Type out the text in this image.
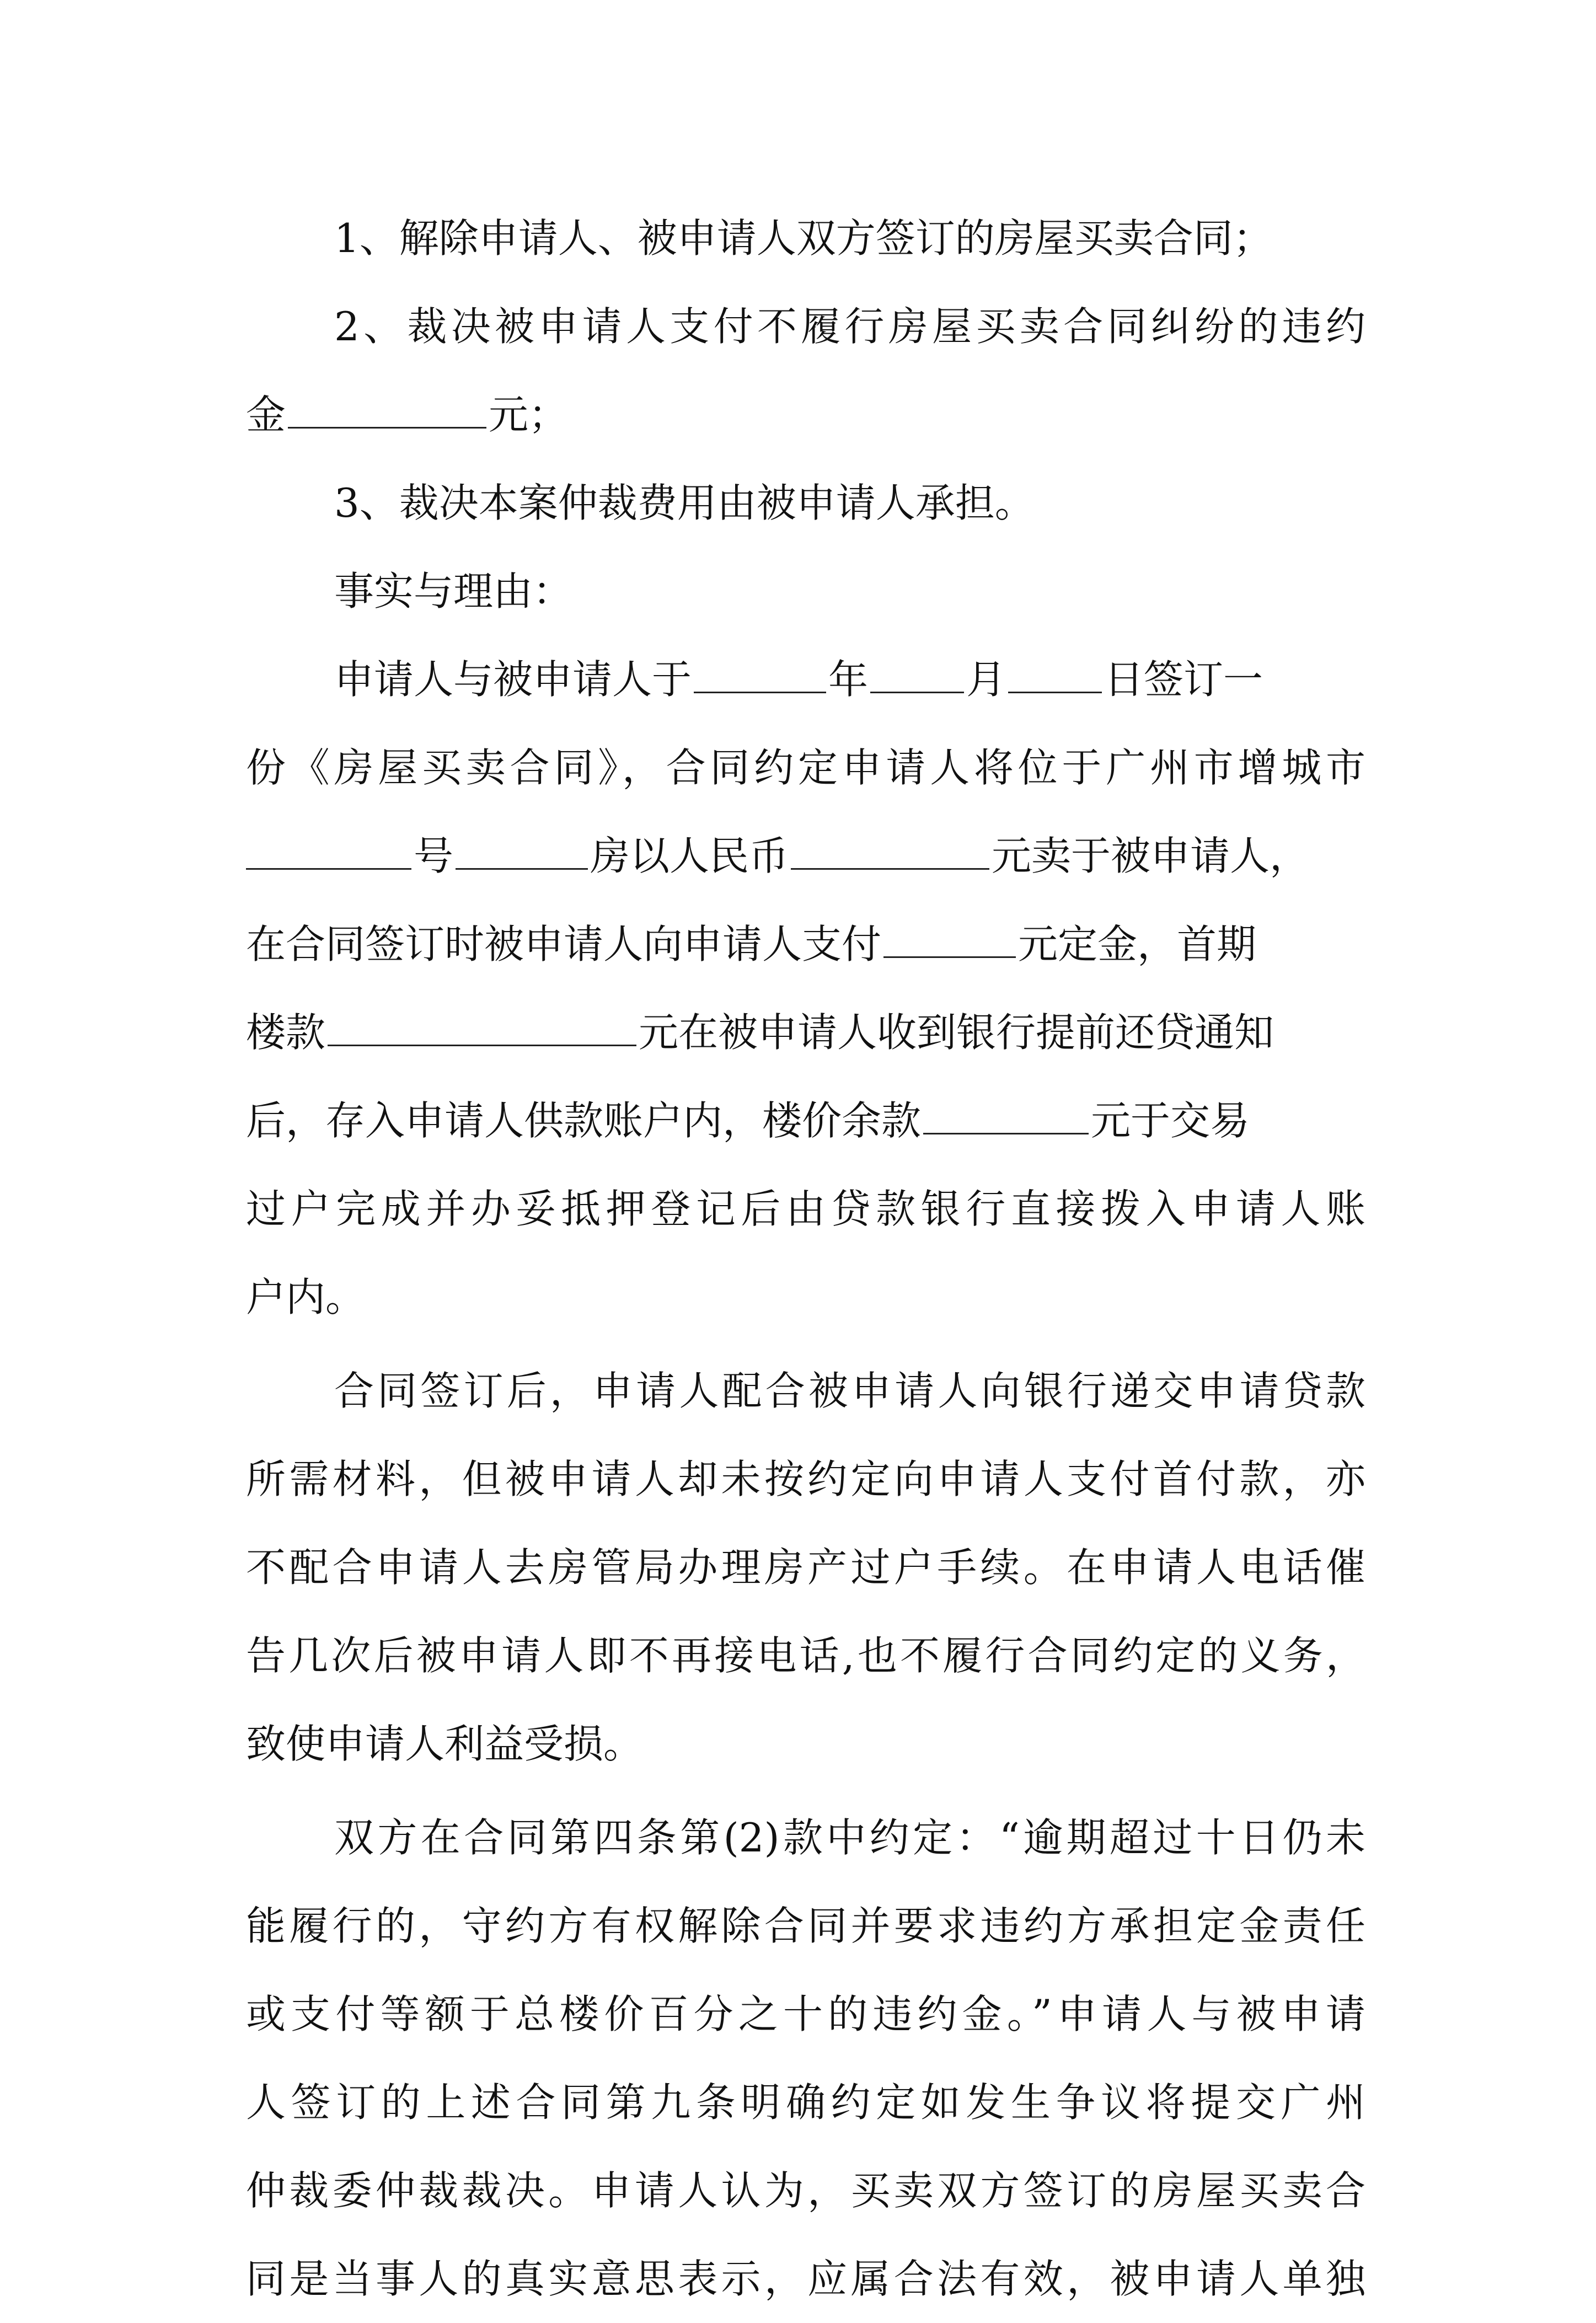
1、解除申请人、被申请人双方签订的房屋买卖合同；
2、裁决被申请人支付不履行房屋买卖合同纠纷的违约
金	元；
3、裁决本案仲裁费用由被申请人承担。
事实与理由：
申请人与被申请人于	年 月 日签订一
份《房屋买卖合同》，合同约定申请人将位于广州市增城市
号	房以人民币	元卖于被申请人，
在合同签订时被申请人向申请人支付	元定金，首期
楼款	元在被申请人收到银行提前还贷通知
后，存入申请人供款账户内，楼价余款	元于交易
过户完成并办妥抵押登记后由贷款银行直接拨入申请人账
户内。
合同签订后，申请人配合被申请人向银行递交申请贷款
所需材料，但被申请人却未按约定向申请人支付首付款，亦
不配合申请人去房管局办理房产过户手续。在申请人电话催
告几次后被申请人即不再接电话,也不履行合同约定的义务，
致使申请人利益受损。
双方在合同第四条第(2)款中约定：“逾期超过十日仍未
能履行的，守约方有权解除合同并要求违约方承担定金责任
或支付等额于总楼价百分之十的违约金。”申请人与被申请
人签订的上述合同第九条明确约定如发生争议将提交广州
仲裁委仲裁裁决。申请人认为，买卖双方签订的房屋买卖合
同是当事人的真实意思表示，应属合法有效，被申请人单独
